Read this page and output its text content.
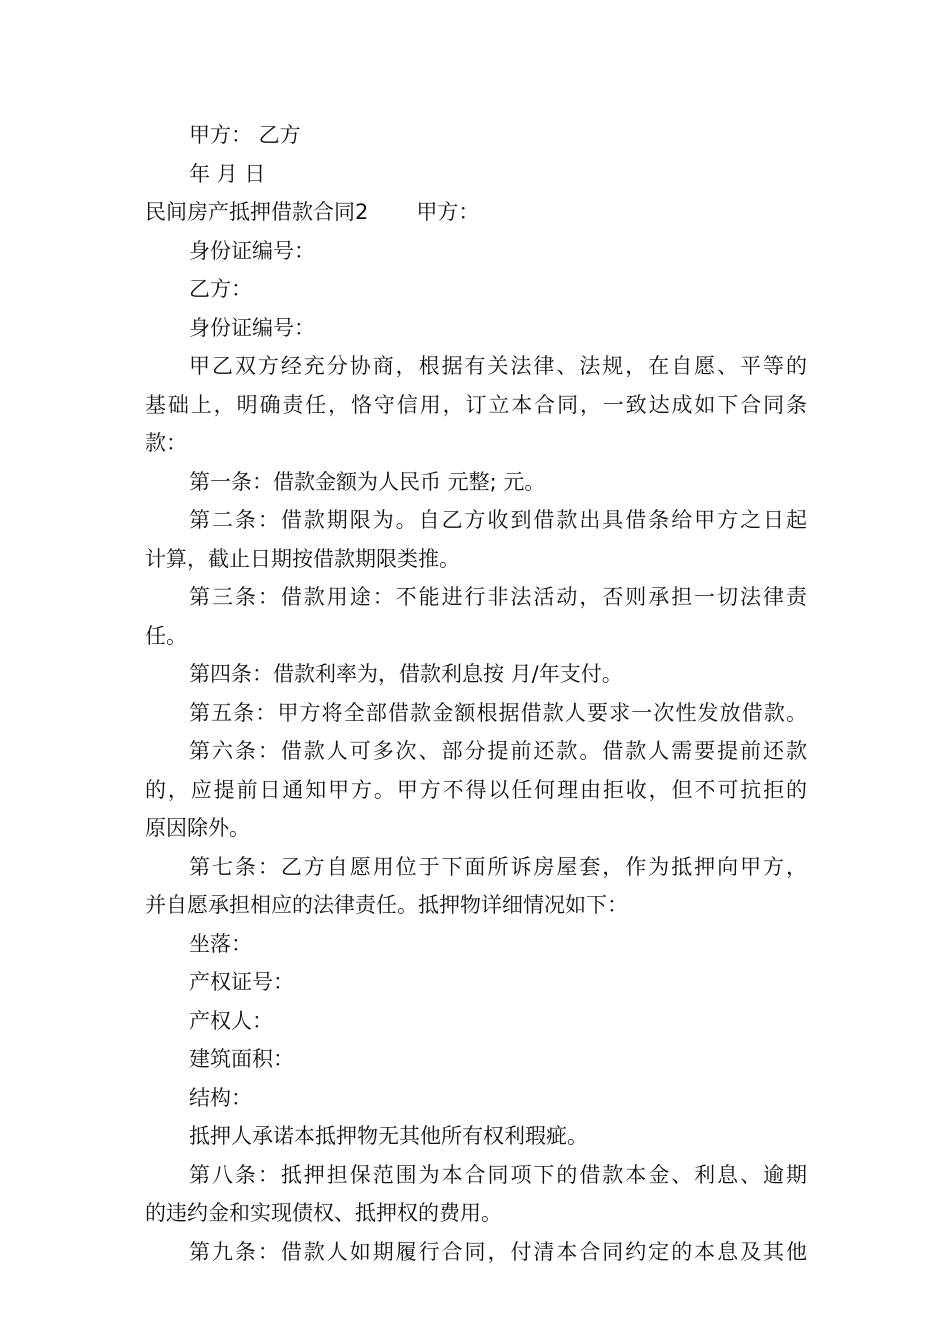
甲方： 乙方
年 月 日
民间房产抵押借款合同2 甲方：
身份证编号：
乙方：
身份证编号：
甲乙双方经充分协商，根据有关法律、法规，在自愿、平等的
基础上，明确责任，恪守信用，订立本合同，一致达成如下合同条
款：
第一条：借款金额为人民币 元整; 元。
第二条：借款期限为。自乙方收到借款出具借条给甲方之日起
计算，截止日期按借款期限类推。
第三条：借款用途：不能进行非法活动，否则承担一切法律责
任。
第四条：借款利率为，借款利息按 月/年支付。
第五条：甲方将全部借款金额根据借款人要求一次性发放借款。
第六条：借款人可多次、部分提前还款。借款人需要提前还款
的，应提前日通知甲方。甲方不得以任何理由拒收，但不可抗拒的
原因除外。
第七条：乙方自愿用位于下面所诉房屋套，作为抵押向甲方，
并自愿承担相应的法律责任。抵押物详细情况如下：
坐落：
产权证号：
产权人：
建筑面积：
结构：
抵押人承诺本抵押物无其他所有权利瑕疵。
第八条：抵押担保范围为本合同项下的借款本金、利息、逾期
的违约金和实现债权、抵押权的费用。
第九条：借款人如期履行合同，付清本合同约定的本息及其他
